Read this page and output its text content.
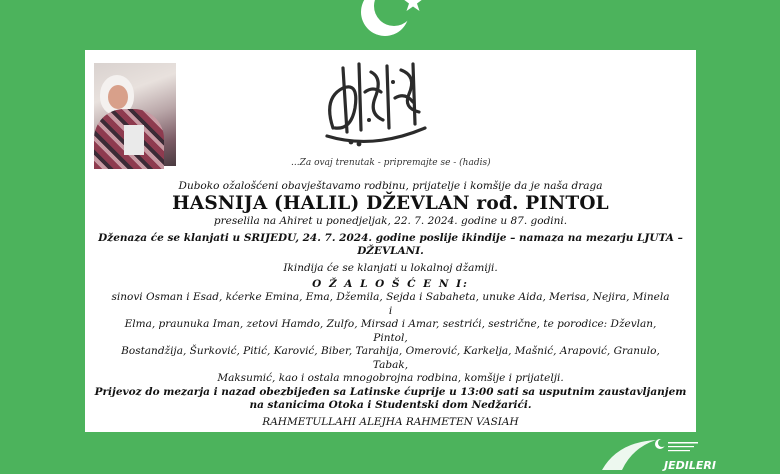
...Za ovaj trenutak - pripremajte se - (hadis)
Duboko ožalošćeni obavještavamo rodbinu, prijatelje i komšije da je naša draga
HASNIJA (HALIL) DŽEVLAN rođ. PINTOL
preselila na Ahiret u ponedjeljak, 22. 7. 2024. godine u 87. godini.
Dženaza će se klanjati u SRIJEDU, 24. 7. 2024. godine poslije ikindije – namaza na mezarju LJUTA –
DŽEVLANI.
Ikindija će se klanjati u lokalnoj džamiji.
O Ž A L O Š Ć E N I:
sinovi Osman i Esad, kćerke Emina, Ema, Džemila, Sejda i Sabaheta, unuke Aida, Merisa, Nejira, Minela i
Elma, praunuka Iman, zetovi Hamdo, Zulfo, Mirsad i Amar, sestrići, sestrične, te porodice: Dževlan, Pintol,
Bostandžija, Šurković, Pitić, Karović, Biber, Tarahija, Omerović, Karkelja, Mašnić, Arapović, Granulo, Tabak,
Maksumić, kao i ostala mnogobrojna rodbina, komšije i prijatelji.
Prijevoz do mezarja i nazad obezbijeđen sa Latinske ćuprije u 13:00 sati sa usputnim zaustavljanjem
na stanicima Otoka i Studentski dom Nedžarići.
RAHMETULLAHI ALEJHA RAHMETEN VASIAH
JEDILERI
